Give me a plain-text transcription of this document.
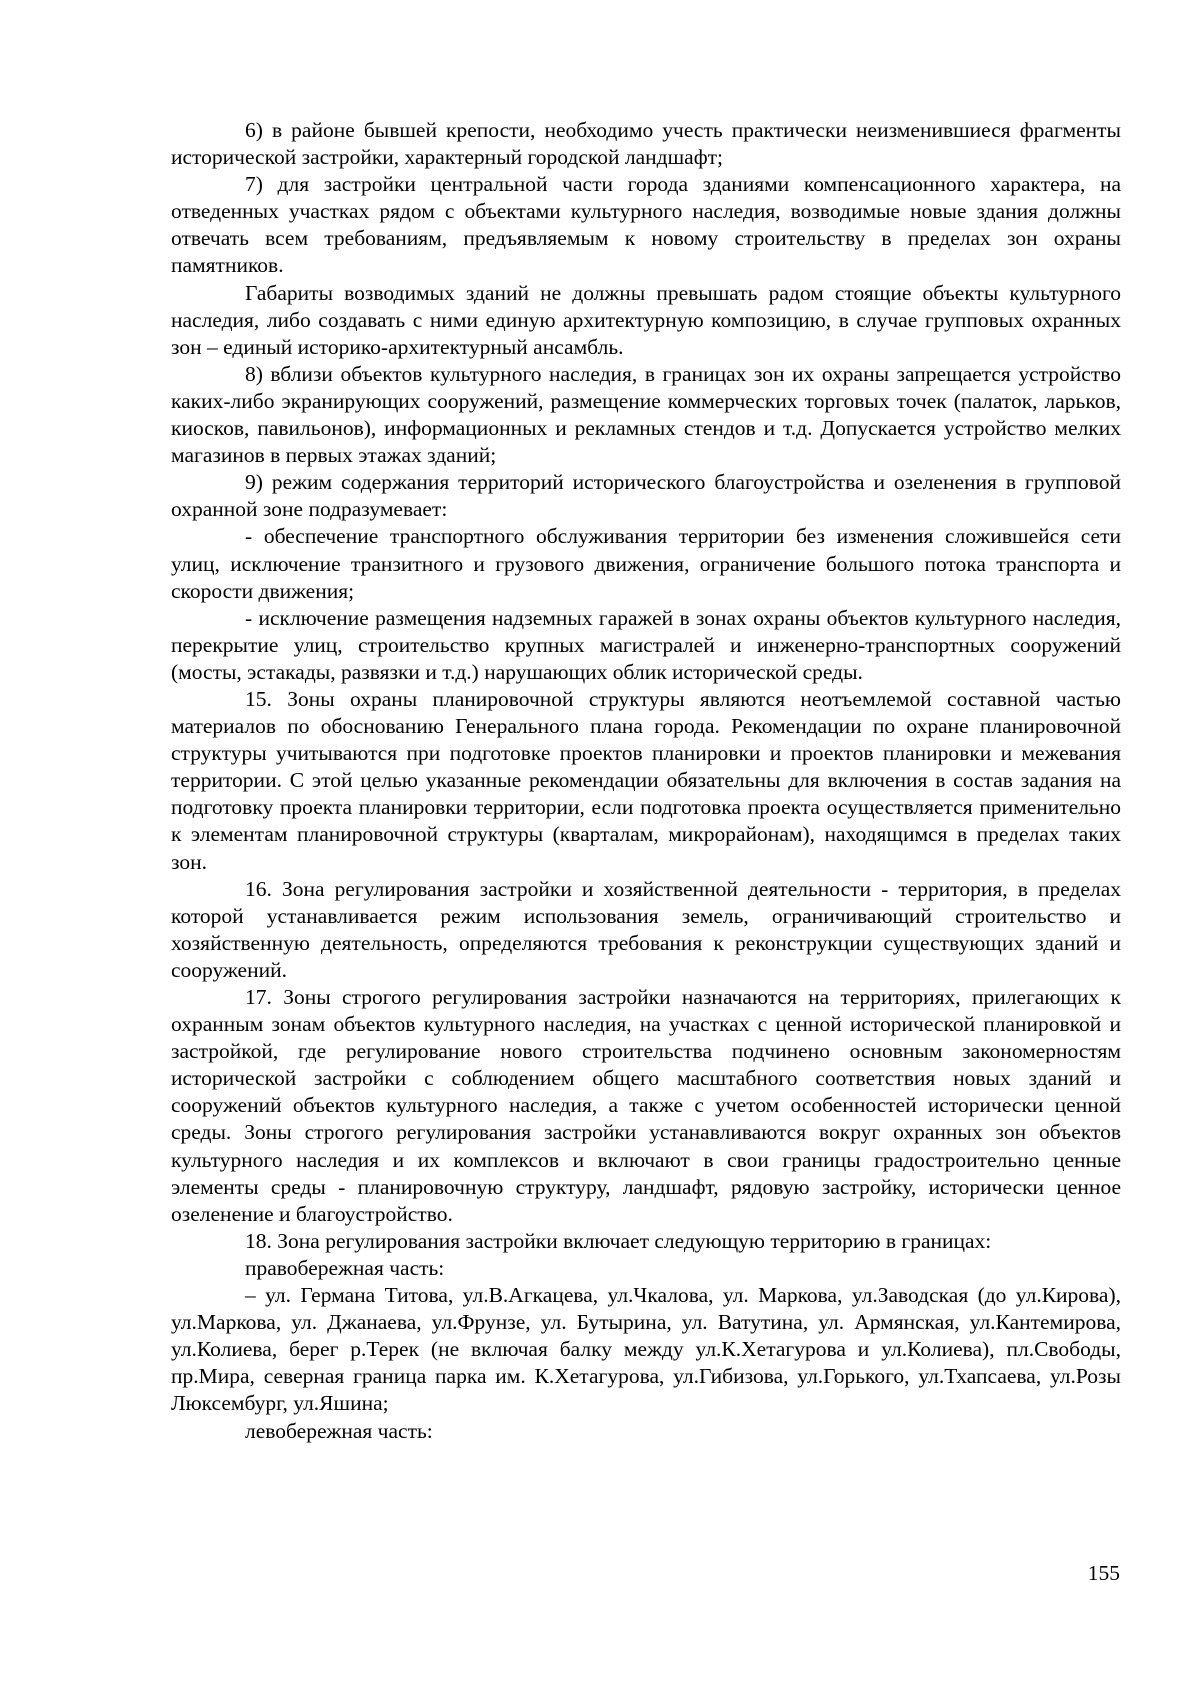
6) в районе бывшей крепости, необходимо учесть практически неизменившиеся фрагменты исторической застройки, характерный городской ландшафт;

7) для застройки центральной части города зданиями компенсационного характера, на отведенных участках рядом с объектами культурного наследия, возводимые новые здания должны отвечать всем требованиям, предъявляемым к новому строительству в пределах зон охраны памятников.

Габариты возводимых зданий не должны превышать радом стоящие объекты культурного наследия, либо создавать с ними единую архитектурную композицию, в случае групповых охранных зон – единый историко-архитектурный ансамбль.

8) вблизи объектов культурного наследия, в границах зон их охраны запрещается устройство каких-либо экранирующих сооружений, размещение коммерческих торговых точек (палаток, ларьков, киосков, павильонов), информационных и рекламных стендов и т.д. Допускается устройство мелких магазинов в первых этажах зданий;

9) режим содержания территорий исторического благоустройства и озеленения в групповой охранной зоне подразумевает:

- обеспечение транспортного обслуживания территории без изменения сложившейся сети улиц, исключение транзитного и грузового движения, ограничение большого потока транспорта и скорости движения;

- исключение размещения надземных гаражей в зонах охраны объектов культурного наследия, перекрытие улиц, строительство крупных магистралей и инженерно-транспортных сооружений (мосты, эстакады, развязки и т.д.) нарушающих облик исторической среды.

15. Зоны охраны планировочной структуры являются неотъемлемой составной частью материалов по обоснованию Генерального плана города. Рекомендации по охране планировочной структуры учитываются при подготовке проектов планировки и проектов планировки и межевания территории. С этой целью указанные рекомендации обязательны для включения в состав задания на подготовку проекта планировки территории, если подготовка проекта осуществляется применительно к элементам планировочной структуры (кварталам, микрорайонам), находящимся в пределах таких зон.

16. Зона регулирования застройки и хозяйственной деятельности - территория, в пределах которой устанавливается режим использования земель, ограничивающий строительство и хозяйственную деятельность, определяются требования к реконструкции существующих зданий и сооружений.

17. Зоны строгого регулирования застройки назначаются на территориях, прилегающих к охранным зонам объектов культурного наследия, на участках с ценной исторической планировкой и застройкой, где регулирование нового строительства подчинено основным закономерностям исторической застройки с соблюдением общего масштабного соответствия новых зданий и сооружений объектов культурного наследия, а также с учетом особенностей исторически ценной среды. Зоны строгого регулирования застройки устанавливаются вокруг охранных зон объектов культурного наследия и их комплексов и включают в свои границы градостроительно ценные элементы среды - планировочную структуру, ландшафт, рядовую застройку, исторически ценное озеленение и благоустройство.

18. Зона регулирования застройки включает следующую территорию в границах:

правобережная часть:

– ул. Германа Титова, ул.В.Агкацева, ул.Чкалова, ул. Маркова, ул.Заводская (до ул.Кирова), ул.Маркова, ул. Джанаева, ул.Фрунзе, ул. Бутырина, ул. Ватутина, ул. Армянская, ул.Кантемирова, ул.Колиева, берег р.Терек (не включая балку между ул.К.Хетагурова и ул.Колиева), пл.Свободы, пр.Мира, северная граница парка им. К.Хетагурова, ул.Гибизова, ул.Горького, ул.Тхапсаева, ул.Розы Люксембург, ул.Яшина;

левобережная часть:

155
